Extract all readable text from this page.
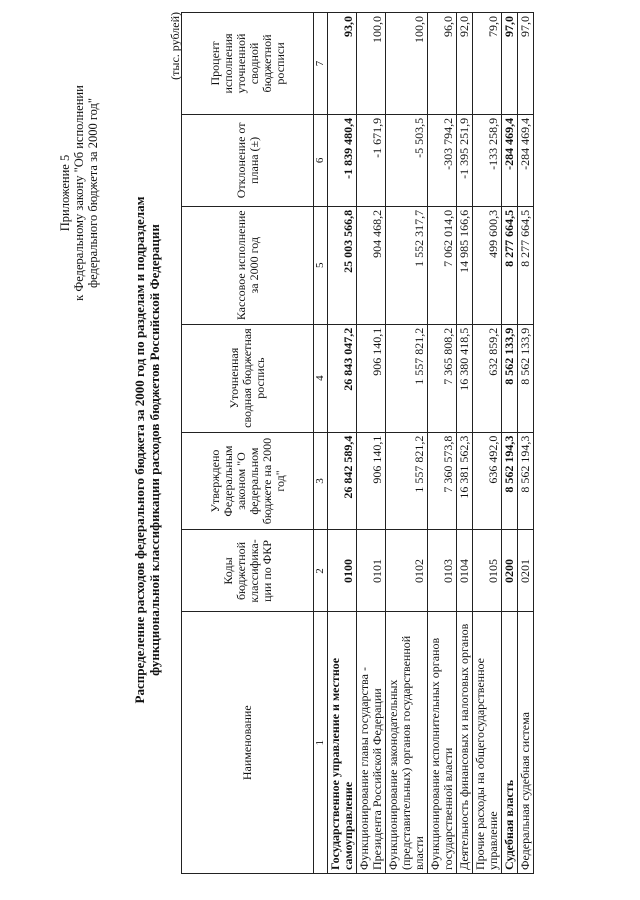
Приложение 5 к Федеральному закону "Об исполнении федерального бюджета за 2000 год"
Распределение расходов федерального бюджета за 2000 год по разделам и подразделам функциональной классификации расходов бюджетов Российской Федерации
(тыс. рублей)
Наименование	Коды бюджетной классифика- ции по ФКР	Утверждено Федеральным законом "О федеральном бюджете на 2000 год"	Уточненная сводная бюджетная роспись	Кассовое исполнение за 2000 год	Отклонение от плана (±)	Процент исполнения уточненной сводной бюджетной росписи
1	2	3	4	5	6	7
Государственное управление и местное самоуправление	0100	26 842 589,4	26 843 047,2	25 003 566,8	-1 839 480,4	93,0
Функционирование главы государства - Президента Российской Федерации	0101	906 140,1	906 140,1	904 468,2	-1 671,9	100,0
Функционирование законодательных (представительных) органов государственной власти	0102	1 557 821,2	1 557 821,2	1 552 317,7	-5 503,5	100,0
Функционирование исполнительных органов государственной власти	0103	7 360 573,8	7 365 808,2	7 062 014,0	-303 794,2	96,0
Деятельность финансовых и налоговых органов	0104	16 381 562,3	16 380 418,5	14 985 166,6	-1 395 251,9	92,0
Прочие расходы на общегосударственное управление	0105	636 492,0	632 859,2	499 600,3	-133 258,9	79,0
Судебная власть	0200	8 562 194,3	8 562 133,9	8 277 664,5	-284 469,4	97,0
Федеральная судебная система	0201	8 562 194,3	8 562 133,9	8 277 664,5	-284 469,4	97,0
